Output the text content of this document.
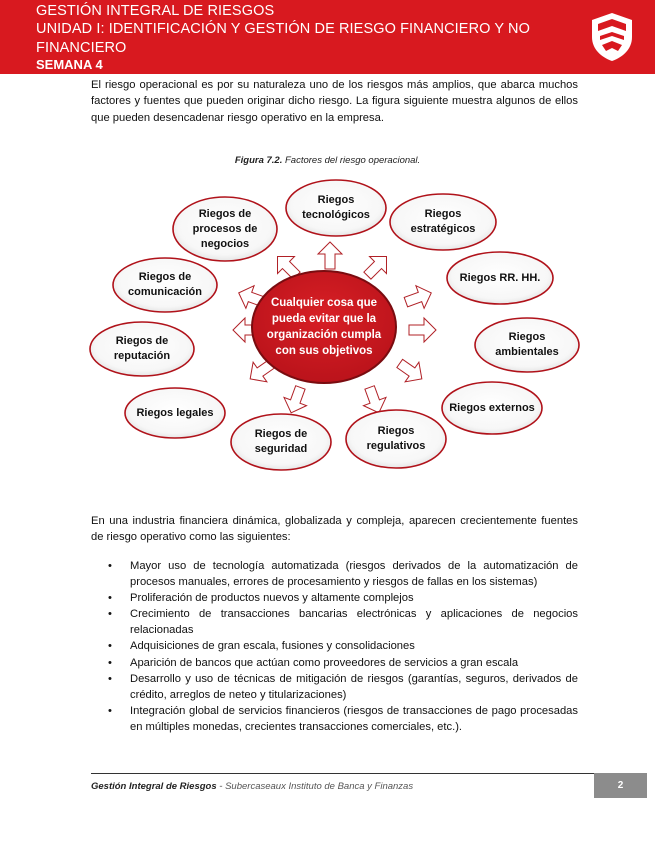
GESTIÓN INTEGRAL DE RIESGOS
UNIDAD I: IDENTIFICACIÓN Y GESTIÓN DE RIESGO FINANCIERO Y NO
FINANCIERO
SEMANA 4
El riesgo operacional es por su naturaleza uno de los riesgos más amplios, que abarca muchos factores y fuentes que pueden originar dicho riesgo. La figura siguiente muestra algunos de ellos que pueden desencadenar riesgo operativo en la empresa.
Figura 7.2. Factores del riesgo operacional.
Cualquier cosa que pueda evitar que la organización cumpla con sus objetivos
Riegos de procesos de negocios
Riegos tecnológicos	Riegos estratégicos
Riegos RR. HH.
Riegos ambientales
Riegos externos
Riegos regulativos
Riegos de seguridad
Riegos legales
Riegos de reputación
Riegos de comunicación
En una industria financiera dinámica, globalizada y compleja, aparecen crecientemente fuentes de riesgo operativo como las siguientes:
• Mayor uso de tecnología automatizada (riesgos derivados de la automatización de procesos manuales, errores de procesamiento y riesgos de fallas en los sistemas)
• Proliferación de productos nuevos y altamente complejos
• Crecimiento de transacciones bancarias electrónicas y aplicaciones de negocios relacionadas
• Adquisiciones de gran escala, fusiones y consolidaciones
• Aparición de bancos que actúan como proveedores de servicios a gran escala
• Desarrollo y uso de técnicas de mitigación de riesgos (garantías, seguros, derivados de crédito, arreglos de neteo y titularizaciones)
• Integración global de servicios financieros (riesgos de transacciones de pago procesadas en múltiples monedas, crecientes transacciones comerciales, etc.).
Gestión Integral de Riesgos - Subercaseaux Instituto de Banca y Finanzas	2
